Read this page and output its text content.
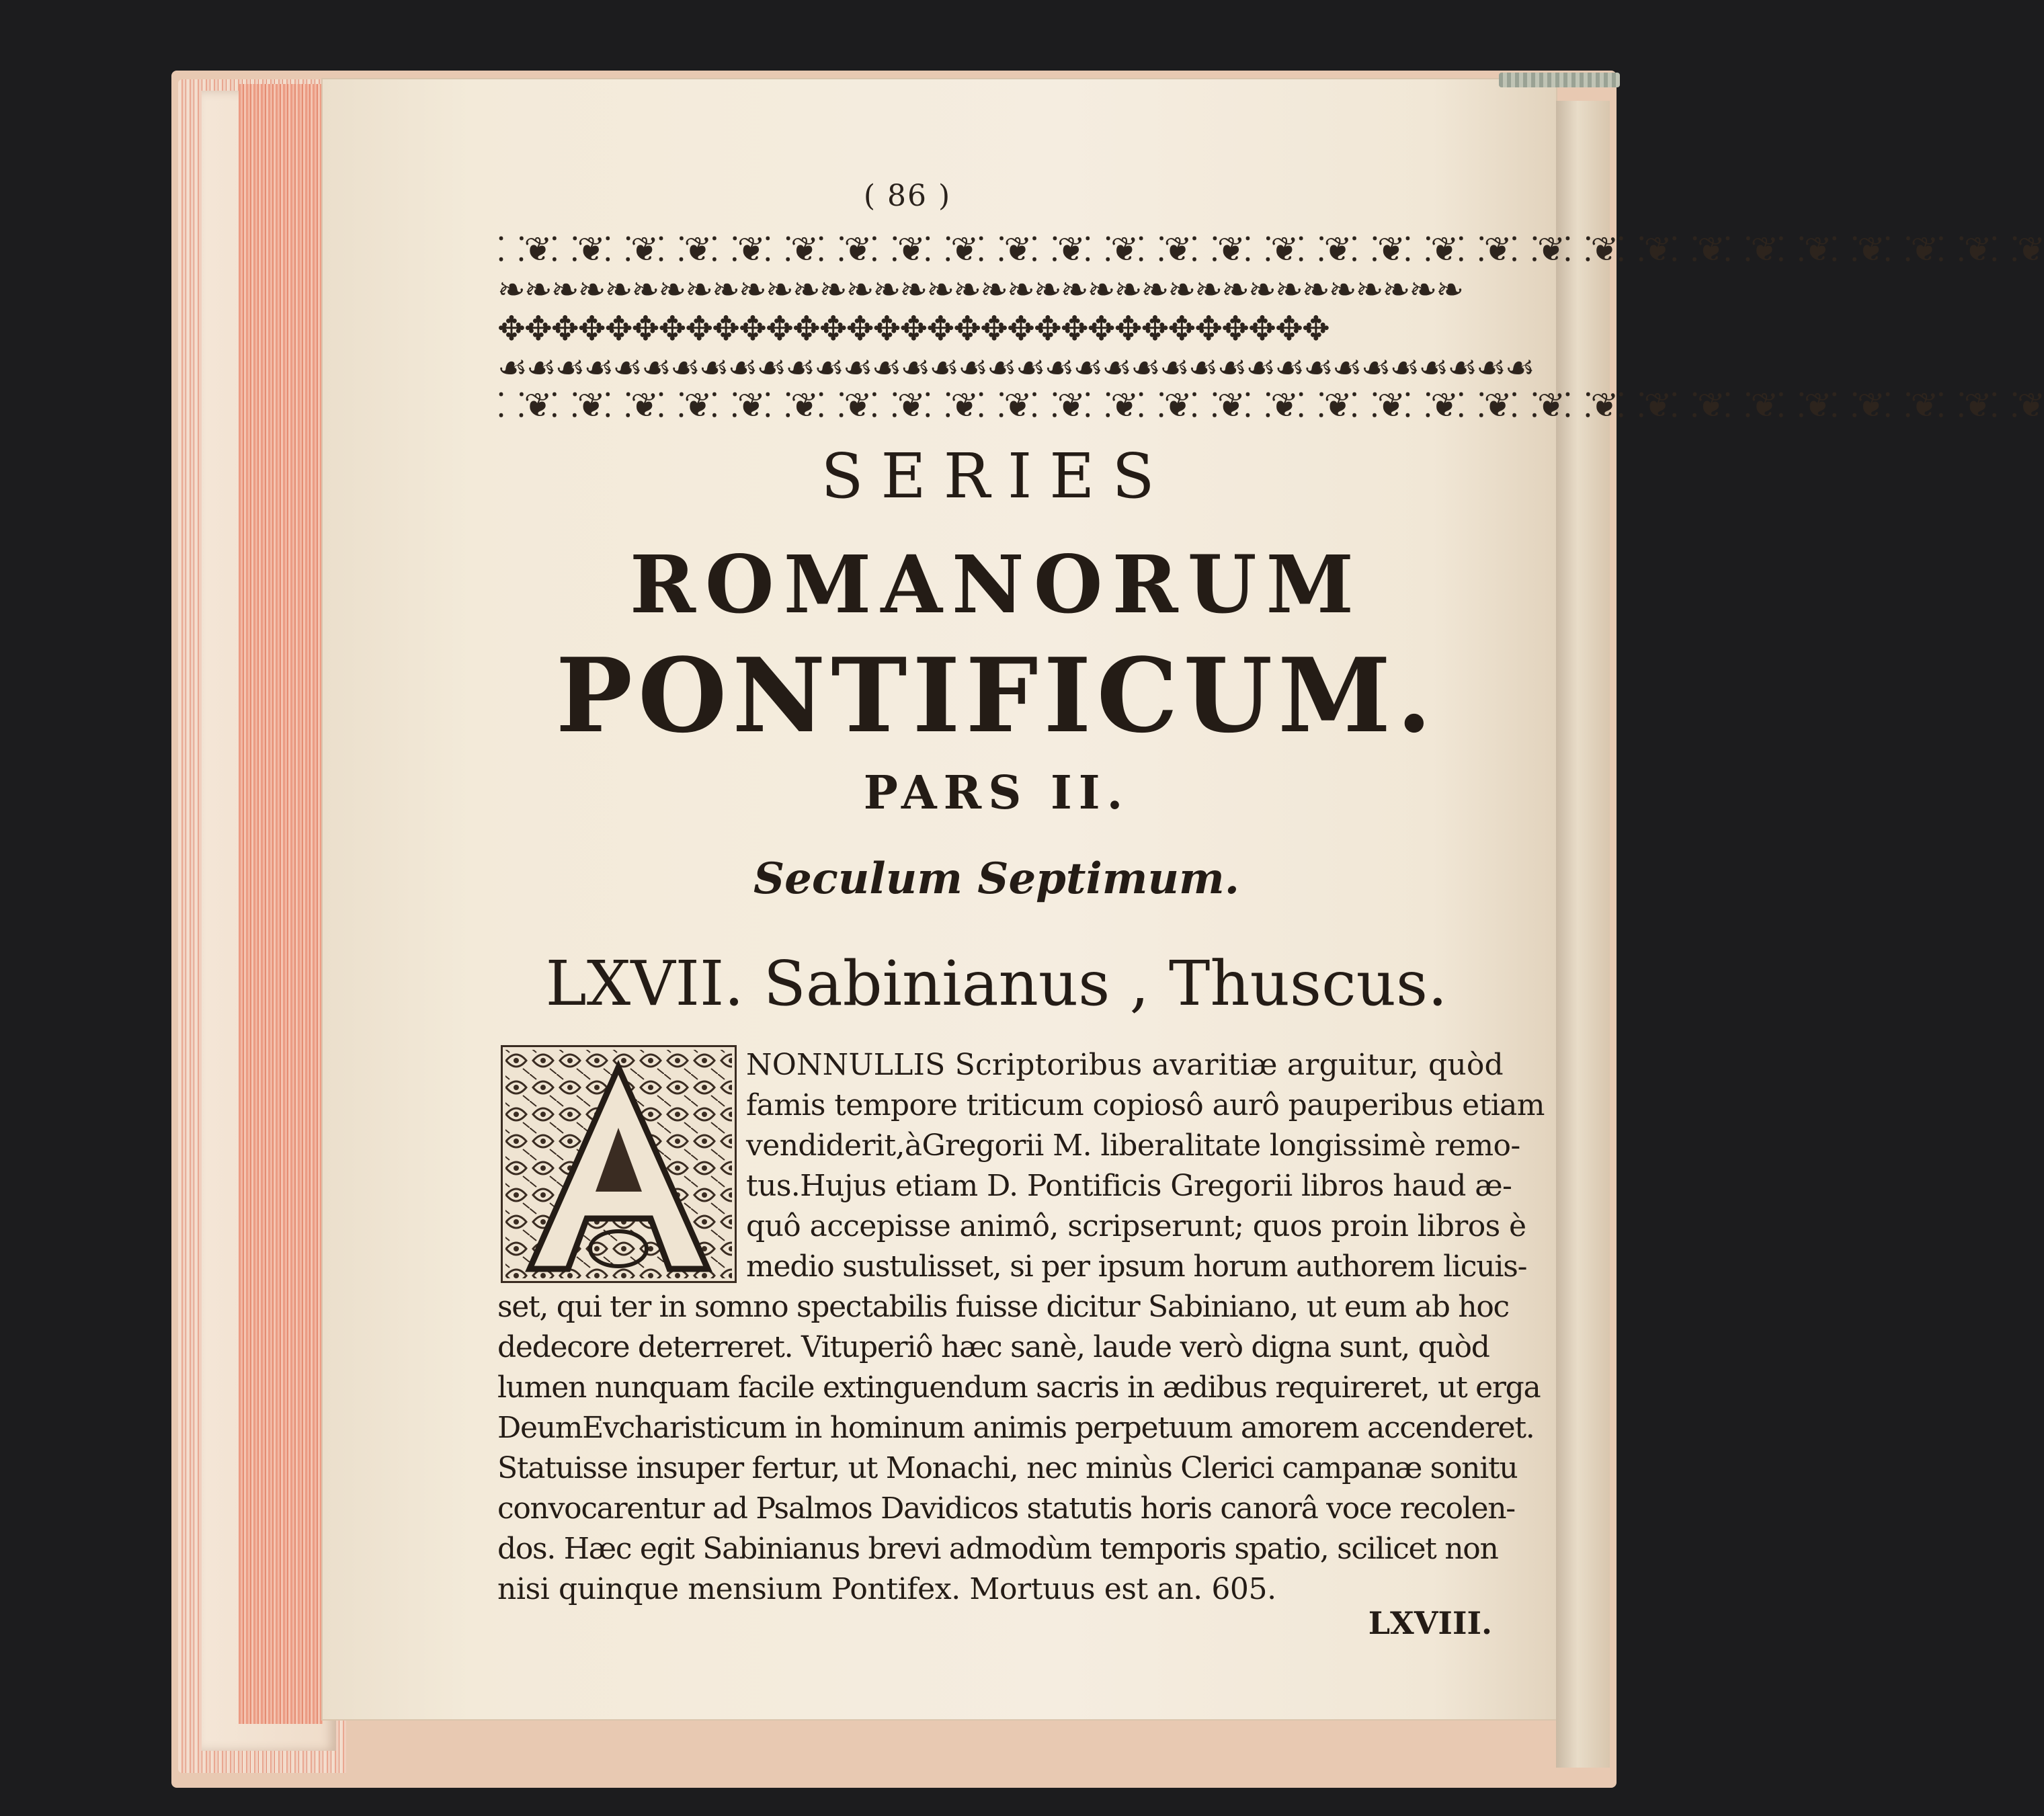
( 86 )
⸬❦⸬❦⸬❦⸬❦⸬❦⸬❦⸬❦⸬❦⸬❦⸬❦⸬❦⸬❦⸬❦⸬❦⸬❦⸬❦⸬❦⸬❦⸬❦⸬❦⸬❦⸬❦⸬❦⸬❦⸬❦⸬❦⸬❦⸬❦⸬❦
❧❧❧❧❧❧❧❧❧❧❧❧❧❧❧❧❧❧❧❧❧❧❧❧❧❧❧❧❧❧❧❧❧❧❧❧
✥✥✥✥✥✥✥✥✥✥✥✥✥✥✥✥✥✥✥✥✥✥✥✥✥✥✥✥✥✥✥
☙☙☙☙☙☙☙☙☙☙☙☙☙☙☙☙☙☙☙☙☙☙☙☙☙☙☙☙☙☙☙☙☙☙☙☙
⸬❦⸬❦⸬❦⸬❦⸬❦⸬❦⸬❦⸬❦⸬❦⸬❦⸬❦⸬❦⸬❦⸬❦⸬❦⸬❦⸬❦⸬❦⸬❦⸬❦⸬❦⸬❦⸬❦⸬❦⸬❦⸬❦⸬❦⸬❦⸬❦
SERIES
ROMANORUM
PONTIFICUM.
PARS II.
Seculum Septimum.
LXVII. Sabinianus , Thuscus.

NONNULLIS Scriptoribus avaritiæ arguitur, quòd

famis tempore triticum copiosô aurô pauperibus etiam

vendiderit,àGregorii M. liberalitate longissimè remo-

tus.Hujus etiam D. Pontificis Gregorii libros haud æ-

quô accepisse animô, scripserunt; quos proin libros è

medio sustulisset, si per ipsum horum authorem licuis-

set, qui ter in somno spectabilis fuisse dicitur Sabiniano, ut eum ab hoc

dedecore deterreret. Vituperiô hæc sanè, laude verò digna sunt, quòd

lumen nunquam facile extinguendum sacris in ædibus requireret, ut erga

DeumEvcharisticum in hominum animis perpetuum amorem accenderet.

Statuisse insuper fertur, ut Monachi, nec minùs Clerici campanæ sonitu

convocarentur ad Psalmos Davidicos statutis horis canorâ voce recolen-

dos. Hæc egit Sabinianus brevi admodùm temporis spatio, scilicet non

nisi quinque mensium Pontifex. Mortuus est an. 605.

LXVIII.
